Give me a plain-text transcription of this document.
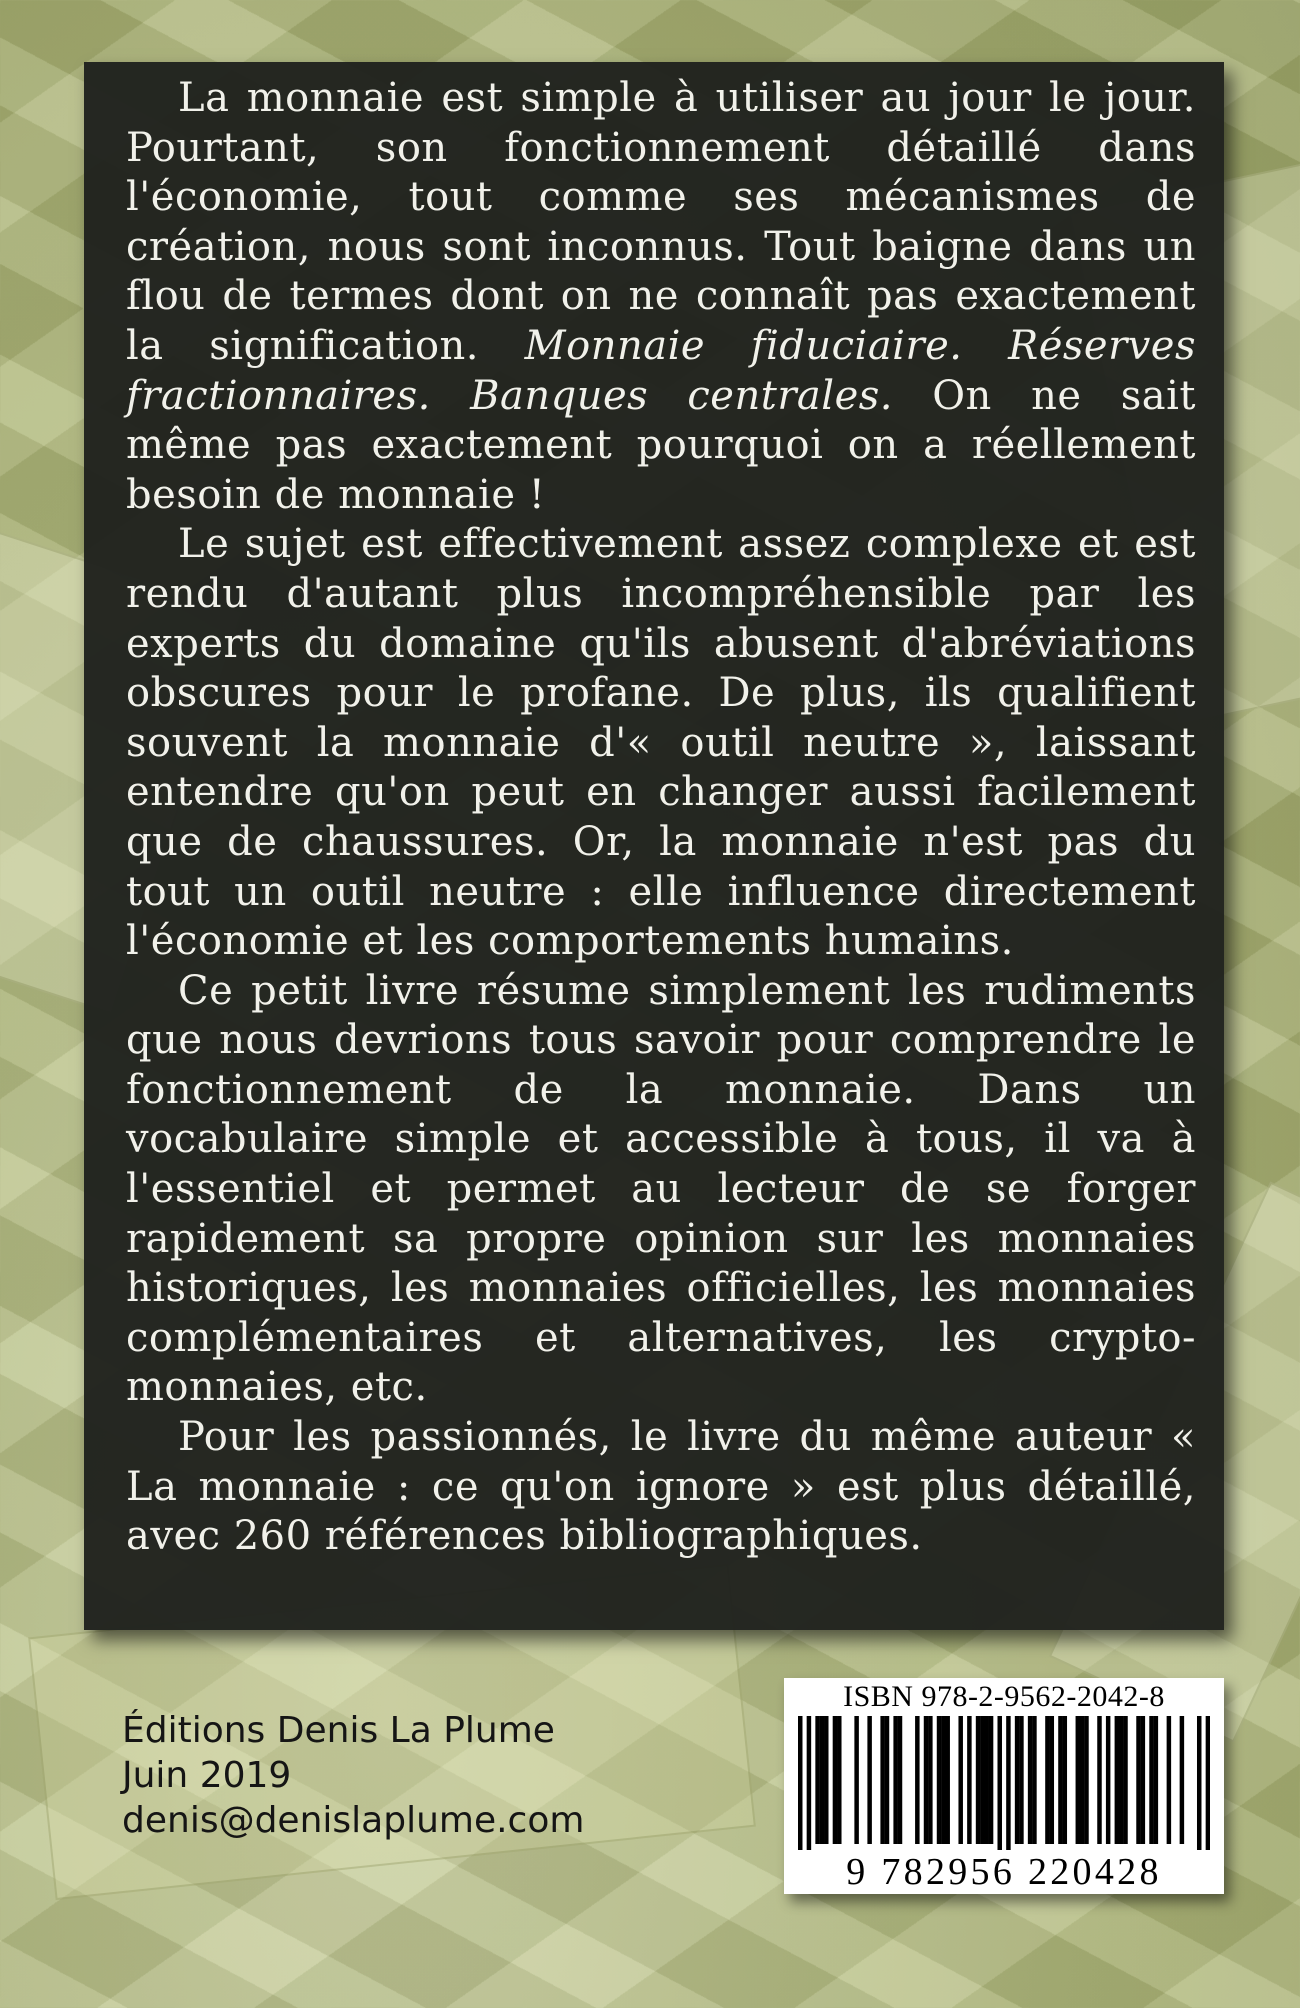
La monnaie est simple à utiliser au jour le jour. Pourtant, son fonctionnement détaillé dans l'économie, tout comme ses mécanismes de création, nous sont inconnus. Tout baigne dans un flou de termes dont on ne connaît pas exactement la signification. Monnaie fiduciaire. Réserves fractionnaires. Banques centrales. On ne sait même pas exactement pourquoi on a réellement besoin de monnaie !

Le sujet est effectivement assez complexe et est rendu d'autant plus incompréhensible par les experts du domaine qu'ils abusent d'abréviations obscures pour le profane. De plus, ils qualifient souvent la monnaie d'« outil neutre », laissant entendre qu'on peut en changer aussi facilement que de chaussures. Or, la monnaie n'est pas du tout un outil neutre : elle influence directement l'économie et les comportements humains.

Ce petit livre résume simplement les rudiments que nous devrions tous savoir pour comprendre le fonctionnement de la monnaie. Dans un vocabulaire simple et accessible à tous, il va à l'essentiel et permet au lecteur de se forger rapidement sa propre opinion sur les monnaies historiques, les monnaies officielles, les monnaies complémentaires et alternatives, les crypto-monnaies, etc.

Pour les passionnés, le livre du même auteur « La monnaie : ce qu'on ignore » est plus détaillé, avec 260 références bibliographiques.

Éditions Denis La Plume
Juin 2019
denis@denislaplume.com
ISBN 978-2-9562-2042-8
9 782956 220428
